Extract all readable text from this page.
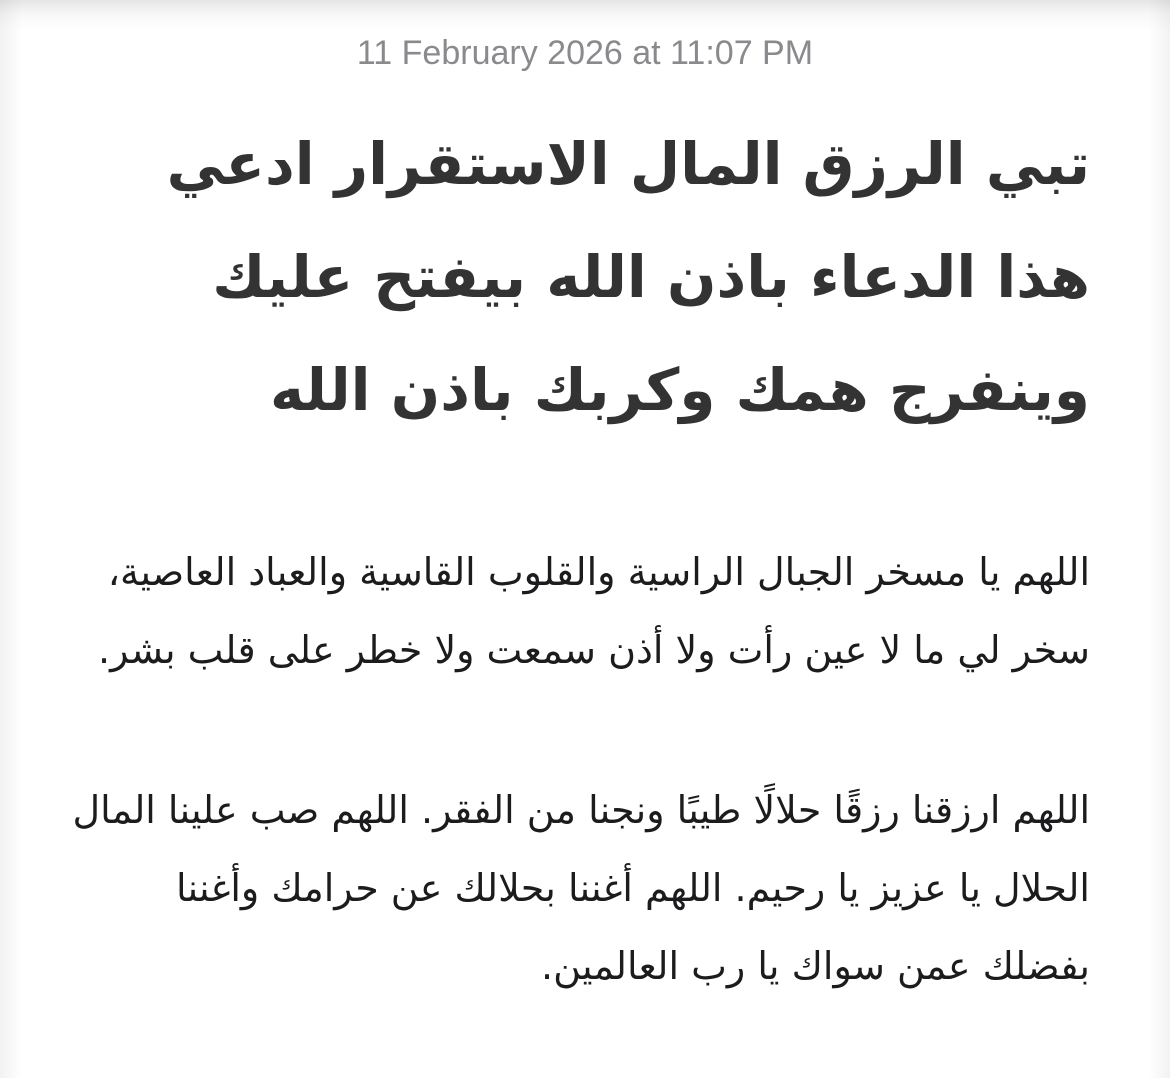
11 February 2026 at 11:07 PM
تبي الرزق المال الاستقرار ادعي هذا الدعاء باذن الله بيفتح عليك وينفرج همك وكربك باذن الله

اللهم يا مسخر الجبال الراسية والقلوب القاسية والعباد العاصية، سخر لي ما لا عين رأت ولا أذن سمعت ولا خطر على قلب بشر.

اللهم ارزقنا رزقًا حلالًا طيبًا ونجنا من الفقر. اللهم صب علينا المال الحلال يا عزيز يا رحيم. اللهم أغننا بحلالك عن حرامك وأغننا بفضلك عمن سواك يا رب العالمين.
